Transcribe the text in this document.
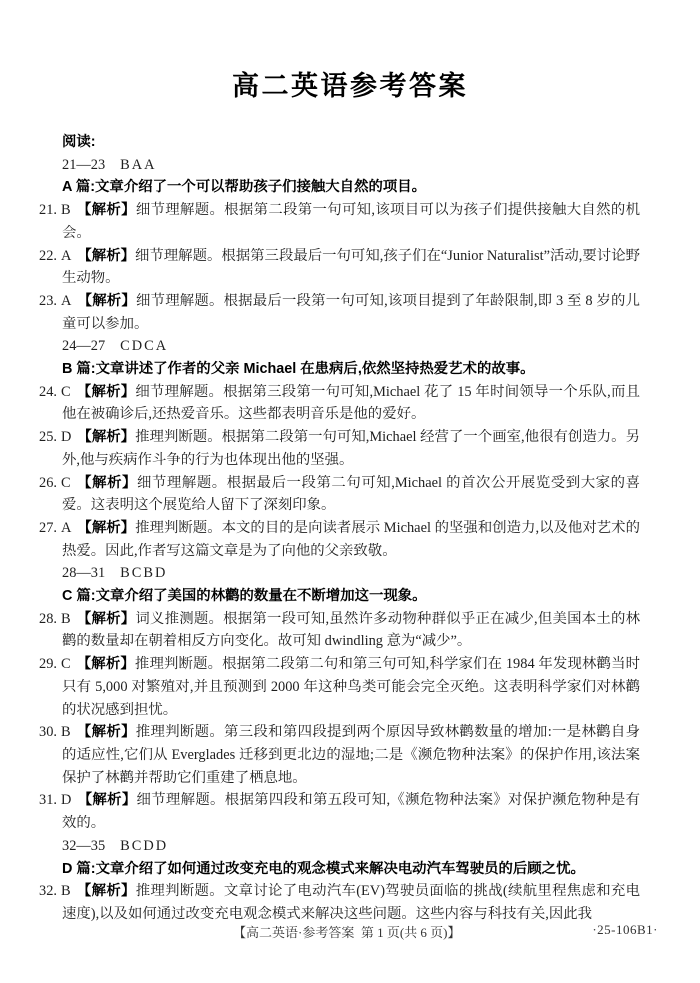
高二英语参考答案

阅读:

21—23 BAA

A 篇:文章介绍了一个可以帮助孩子们接触大自然的项目。

21. B 【解析】细节理解题。根据第二段第一句可知,该项目可以为孩子们提供接触大自然的机会。

22. A 【解析】细节理解题。根据第三段最后一句可知,孩子们在“Junior Naturalist”活动,要讨论野生动物。

23. A 【解析】细节理解题。根据最后一段第一句可知,该项目提到了年龄限制,即 3 至 8 岁的儿童可以参加。

24—27 CDCA

B 篇:文章讲述了作者的父亲 Michael 在患病后,依然坚持热爱艺术的故事。

24. C 【解析】细节理解题。根据第三段第一句可知,Michael 花了 15 年时间领导一个乐队,而且他在被确诊后,还热爱音乐。这些都表明音乐是他的爱好。

25. D 【解析】推理判断题。根据第二段第一句可知,Michael 经营了一个画室,他很有创造力。另外,他与疾病作斗争的行为也体现出他的坚强。

26. C 【解析】细节理解题。根据最后一段第二句可知,Michael 的首次公开展览受到大家的喜爱。这表明这个展览给人留下了深刻印象。

27. A 【解析】推理判断题。本文的目的是向读者展示 Michael 的坚强和创造力,以及他对艺术的热爱。因此,作者写这篇文章是为了向他的父亲致敬。

28—31 BCBD

C 篇:文章介绍了美国的林鹳的数量在不断增加这一现象。

28. B 【解析】词义推测题。根据第一段可知,虽然许多动物种群似乎正在减少,但美国本土的林鹳的数量却在朝着相反方向变化。故可知 dwindling 意为“减少”。

29. C 【解析】推理判断题。根据第二段第二句和第三句可知,科学家们在 1984 年发现林鹳当时只有 5,000 对繁殖对,并且预测到 2000 年这种鸟类可能会完全灭绝。这表明科学家们对林鹳的状况感到担忧。

30. B 【解析】推理判断题。第三段和第四段提到两个原因导致林鹳数量的增加:一是林鹳自身的适应性,它们从 Everglades 迁移到更北边的湿地;二是《濒危物种法案》的保护作用,该法案保护了林鹳并帮助它们重建了栖息地。

31. D 【解析】细节理解题。根据第四段和第五段可知,《濒危物种法案》对保护濒危物种是有效的。

32—35 BCDD

D 篇:文章介绍了如何通过改变充电的观念模式来解决电动汽车驾驶员的后顾之忧。

32. B 【解析】推理判断题。文章讨论了电动汽车(EV)驾驶员面临的挑战(续航里程焦虑和充电速度),以及如何通过改变充电观念模式来解决这些问题。这些内容与科技有关,因此我

【高二英语·参考答案  第 1 页(共 6 页)】	·25-106B1·
